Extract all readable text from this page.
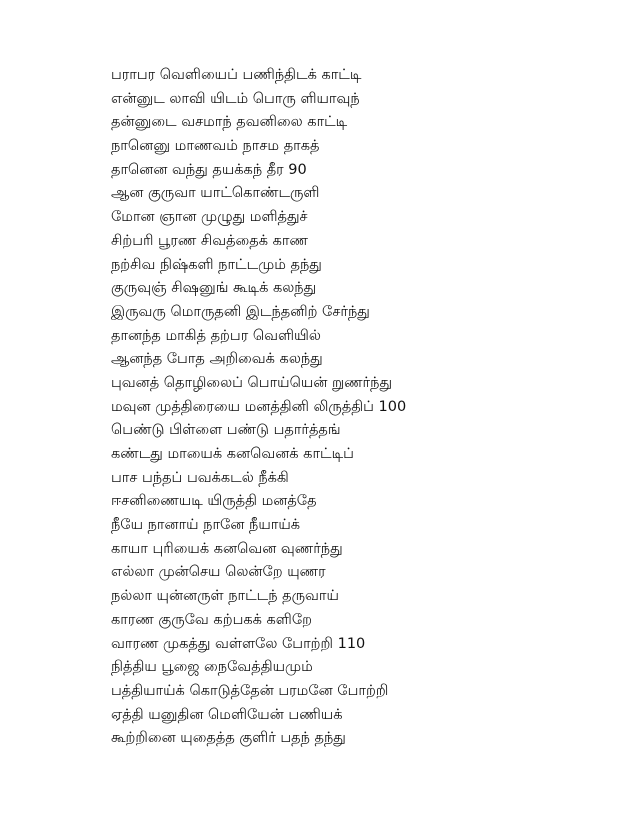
பராபர வெளியைப் பணிந்திடக் காட்டி
என்னுட லாவி யிடம் பொரு ளியாவுந்
தன்னுடை வசமாந் தவனிலை காட்டி
நானெனு மாணவம் நாசம தாகத்
தானென வந்து தயக்கந் தீர 90
ஆன குருவா யாட்கொண்டருளி
மோன ஞான முழுது மளித்துச்
சிற்பரி பூரண சிவத்தைக் காண
நற்சிவ நிஷ்களி நாட்டமும் தந்து
குருவுஞ் சிஷனுங் கூடிக் கலந்து
இருவரு மொருதனி இடந்தனிற் சேர்ந்து
தானந்த மாகித் தற்பர வெளியில்
ஆனந்த போத அறிவைக் கலந்து
புவனத் தொழிலைப் பொய்யென் றுணர்ந்து
மவுன முத்திரையை மனத்தினி லிருத்திப் 100
பெண்டு பிள்ளை பண்டு பதார்த்தங்
கண்டது மாயைக் கனவெனக் காட்டிப்
பாச பந்தப் பவக்கடல் நீக்கி
ஈசனிணையடி யிருத்தி மனத்தே
நீயே நானாய் நானே நீயாய்க்
காயா புரியைக் கனவென வுணர்ந்து
எல்லா முன்செய லென்றே யுணர
நல்லா யுன்னருள் நாட்டந் தருவாய்
காரண குருவே கற்பகக் களிறே
வாரண முகத்து வள்ளலே போற்றி 110
நித்திய பூஜை நைவேத்தியமும்
பத்தியாய்க் கொடுத்தேன் பரமனே போற்றி
ஏத்தி யனுதின மெளியேன் பணியக்
கூற்றினை யுதைத்த குளிர் பதந் தந்து
